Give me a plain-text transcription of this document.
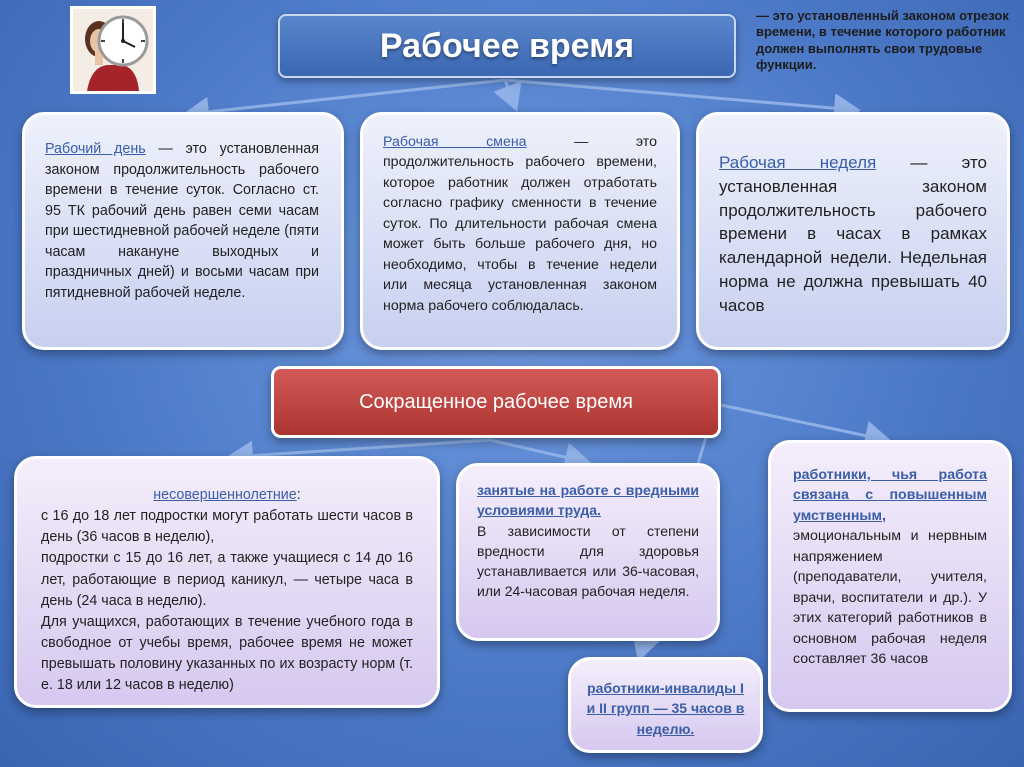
Рабочее время
— это установленный законом отрезок времени, в течение которого работник должен выполнять свои трудовые функции.

Рабочий день — это установленная законом продолжительность рабочего времени в течение суток. Согласно ст. 95 ТК рабочий день равен семи часам при шестидневной рабочей неделе (пяти часам накануне выходных и праздничных дней) и восьми часам при пятидневной рабочей неделе.

Рабочая смена — это продолжительность рабочего времени, которое работник должен отработать согласно графику сменности в течение суток. По длительности рабочая смена может быть больше рабочего дня, но необходимо, чтобы в течение недели или месяца установленная законом норма рабочего соблюдалась.

Рабочая неделя — это установленная законом продолжительность рабочего времени в часах в рамках календарной недели. Недельная норма не должна превышать 40 часов

Сокращенное рабочее время
несовершеннолетние:

с 16 до 18 лет подростки могут работать шести часов в день (36 часов в неделю),

подростки с 15 до 16 лет, а также учащиеся с 14 до 16 лет, работающие в период каникул, — четыре часа в день (24 часа в неделю).

Для учащихся, работающих в течение учебного года в свободное от учебы время, рабочее время не может превышать половину указанных по их возрасту норм (т. е. 18 или 12 часов в неделю)

занятые на работе с вредными условиями труда.

В зависимости от степени вредности для здоровья устанавливается или 36-часовая, или 24-часовая рабочая неделя.

работники-инвалиды I и II групп — 35 часов в неделю.

работники, чья работа связана с повышенным умственным,

эмоциональным и нервным напряжением (преподаватели, учителя, врачи, воспитатели и др.). У этих категорий работников в основном рабочая неделя составляет 36 часов
